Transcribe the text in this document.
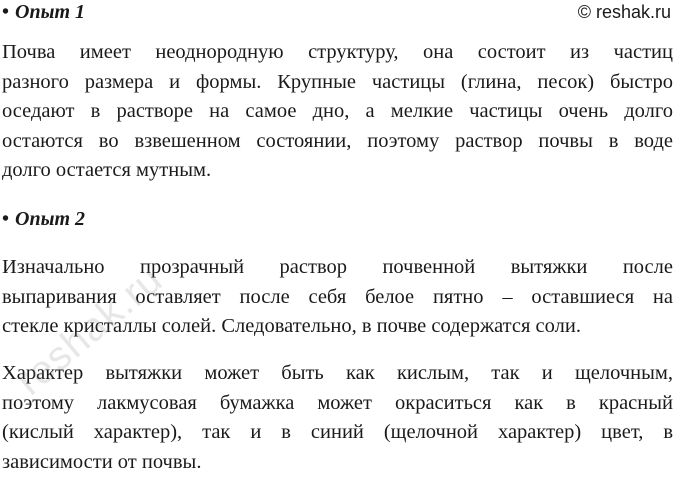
• Опыт 1	© reshak.ru
Почва имеет неоднородную структуру, она состоит из частиц
разного размера и формы. Крупные частицы (глина, песок) быстро
оседают в растворе на самое дно, а мелкие частицы очень долго
остаются во взвешенном состоянии, поэтому раствор почвы в воде
долго остается мутным.
• Опыт 2
Изначально прозрачный раствор почвенной вытяжки после
выпаривания оставляет после себя белое пятно – оставшиеся на
стекле кристаллы солей. Следовательно, в почве содержатся соли.
Характер вытяжки может быть как кислым, так и щелочным,
поэтому лакмусовая бумажка может окраситься как в красный
(кислый характер), так и в синий (щелочной характер) цвет, в
зависимости от почвы.
reshak.ru
